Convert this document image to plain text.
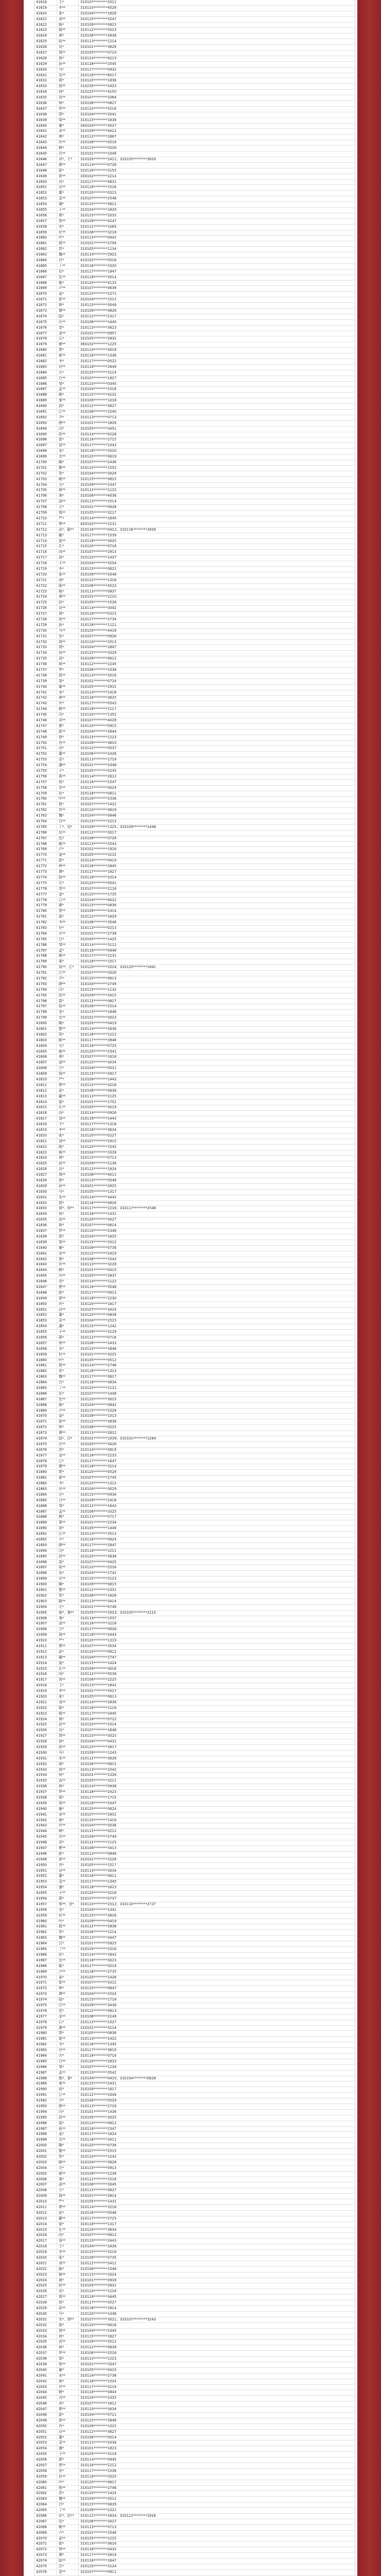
41618	王*	310107********2011
41619	李**	310110********4528
41620	张*	310104********1626
41621	刘**	310115********3247
41622	陈*	310109********0815
41623	杨**	310112********5023
41624	黄*	310106********2638
41625	赵**	310113********1214
41626	吴*	310101********3826
41627	周**	310105********071X
41628	徐*	310114********4213
41629	孙**	310116********2545
41630	马*	310117********0932
41631	朱**	310118********6017
41632	胡*	310120********1836
41633	郭**	310230********2423
41634	何*	310225********4150
41635	高**	310107********3364
41636	林*	320106********0827
41637	罗**	310110********5216
41638	郑*	310104********2041
41639	梁**	310115********1638
41640	谢*	340104********3027
41641	宋**	310109********4412
41642	唐*	310112********2867
41643	许**	310106********0518
41644	韩*	310113********3326
41645	冯**	310101********1049
41646	邓*、王*	310105********2411；310105********262X
41647	曹**	310114********0726
41648	彭*	310116********3155
41649	曾**	330102********2214
41650	肖*	310117********4831
41651	田**	310118********1526
41652	董*	310120********0313
41653	袁**	310107********2548
41654	潘*	310110********3612
41655	于**	310104********1829
41656	蒋*	310115********2033
41657	蔡**	310109********4247
41658	余*	310112********1065
41659	杜**	310106********3218
41660	叶*	310113********0442
41661	程**	310101********2756
41662	苏*	310105********1134
41663	魏**	310114********2923
41664	吕*	410102********0516
41665	丁**	310116********3320
41666	任*	310117********1847
41667	沈**	310118********2014
41668	姚*	310120********4125
41669	卢**	310107********0638
41670	姜*	310110********2271
41671	崔**	310104********1512
41672	钟*	310115********3049
41673	谭**	310109********0826
41674	陆*	310112********2317
41675	汪**	310106********1440
41676	范*	310113********3623
41677	金**	310101********0957
41678	石*	310105********2832
41679	廖**	360102********1225
41680	贾*	310114********4018
41681	夏**	310116********1336
41682	韦*	310117********0522
41683	付**	310118********2649
41684	方*	310120********3114
41685	白**	310107********1827
41686	邹*	310110********0345
41687	孟**	310104********2516
41688	熊*	310115********4232
41689	秦**	310109********1018
41690	邱*	310112********3627
41691	江**	310106********2240
41692	尹*	310113********0713
41693	薛**	310101********1826
41694	闫*	310105********3451
41695	段**	310114********0228
41696	雷*	310116********2715
41697	侯**	310117********1043
41698	龙*	310118********3320
41699	史**	310120********0619
41700	陶*	310107********2436
41701	黎**	310110********1552
41702	贺*	310104********3028
41703	顾**	310115********0815
41704	毛*	310109********2347
41705	郝**	310112********1123
41706	龚*	310106********4036
41707	邵**	310113********2514
41708	万*	310101********0928
41709	钱**	310105********3217
41710	严*	310114********1645
41711	覃**	450102********2231
41712	武*、陈**	310116********0412；310116********2826
41713	戴*	310117********1539
41714	莫**	310118********3025
41715	孔*	310120********0716
41716	向**	310107********2813
41717	汤*	310110********1437
41718	王**	310104********3254
41719	李*	310115********0621
41720	张**	310109********2048
41721	刘*	310112********1316
41722	陈**	310106********4523
41723	杨*	310113********0837
41724	黄**	310101********2210
41725	赵*	310105********1528
41726	吴**	310114********3042
41727	周*	310116********0315
41728	徐**	310117********2734
41729	孙*	310118********1121
41730	马**	310120********4418
41731	朱*	310107********0926
41732	胡**	310110********2513
41733	郭*	310104********1847
41734	何**	310115********3329
41735	高*	310109********0612
41736	林**	310112********2245
41737	罗*	310106********1038
41738	郑**	310113********3516
41739	梁*	310101********0724
41740	谢**	310105********2931
41741	宋*	310114********1418
41742	唐**	310116********3625
41743	许*	310117********0543
41744	韩**	310118********2117
41745	冯*	310120********1352
41746	邓**	310107********4028
41747	曹*	310110********0915
41748	彭**	310104********2644
41749	曾*	310115********1223
41750	肖**	310109********3810
41751	田*	310112********0537
41752	董**	310106********2426
41753	袁*	310113********1719
41754	潘**	310101********3348
41755	于*	310105********0235
41756	蒋**	310114********2612
41757	蔡*	310116********1547
41758	余**	310117********3024
41759	杜*	310118********0811
41760	叶**	310120********2336
41761	程*	310107********1422
41762	苏**	310110********3819
41763	魏*	310104********0646
41764	吕**	310115********2213
41765	丁*、沈*	310109********1325；310109********1448
41766	任**	310112********3017
41767	沈*	310106********0728
41768	姚**	310113********2543
41769	卢*	310101********1916
41770	姜**	310105********3232
41771	崔*	310114********0419
41772	钟**	310116********2845
41773	谭*	310117********1627
41774	陆**	310118********3314
41775	汪*	310120********0541
41776	范**	310107********2118
41777	金*	310110********1735
41778	石**	310104********4022
41779	廖*	310115********0836
41780	贾**	310109********2414
41781	夏*	310112********1629
41782	韦**	310106********3546
41783	付*	310113********0213
41784	方**	310101********2738
41785	白*	310105********1425
41786	邹**	310114********3112
41787	孟*	310116********0948
41788	熊**	310117********2231
41789	秦*	310118********1517
41790	邱**、江*	310120********2024；310120********1841
41791	江**	310107********3326
41792	尹*	310110********0613
41793	薛**	310104********2749
41794	闫*	310115********1132
41795	段**	310109********3415
41796	雷*	310112********0827
41797	侯**	310106********2514
41798	龙*	310113********1846
41799	史**	310101********3023
41800	陶*	310105********0419
41801	黎**	310114********2636
41802	贺*	310116********1212
41803	顾**	310117********3948
41804	毛*	310118********0725
41805	郝**	310120********2341
41806	龚*	310107********1618
41807	邵**	310110********3034
41808	万*	310104********0521
41809	钱**	310115********2817
41810	严*	310109********1443
41811	覃**	310112********3216
41812	武*	310106********0638
41813	戴**	310113********2125
41814	莫*	310101********1752
41815	孔**	310105********3019
41816	向*	310114********0926
41817	汤**	310116********2443
41818	王*	310117********1318
41819	李**	310118********3634
41820	张*	310120********0227
41821	刘**	310107********2915
41822	陈*	310110********1542
41823	杨**	310104********3328
41824	黄*	310115********0713
41825	赵**	310109********2136
41826	吴*	310112********1824
41827	周**	310106********4011
41828	徐*	310113********0548
41829	孙**	310101********2625
41830	马*	310105********1317
41831	朱**	310114********3442
41832	胡*	310116********0829
41833	郭*、何**	310117********2216；310117********2548
41834	何*	310118********1431
41835	高**	310120********3027
41836	林*	310107********0614
41837	罗**	310110********2348
41838	郑*	310104********1625
41839	梁**	310115********3312
41840	谢*	310109********0736
41841	宋**	310112********2419
41842	唐*	310106********1543
41843	许**	310113********3228
41844	韩*	310101********0415
41845	冯**	310105********2837
41846	邓*	310114********1122
41847	曹**	310116********3546
41848	彭*	310117********0913
41849	曾**	310118********2230
41850	肖*	310120********1617
41851	田**	310107********3424
41852	董*	310110********0838
41853	袁**	310104********2515
41854	潘*	310115********1242
41855	于**	310109********3129
41856	蒋*	310112********0716
41857	蔡**	310106********2433
41858	余*	310113********1848
41859	杜**	310101********3225
41860	叶*	310105********0512
41861	程**	310114********2746
41862	苏*	310116********1323
41863	魏**	310117********3617
41864	吕*	310118********0834
41865	丁**	310120********2121
41866	任*	310107********1448
41867	沈**	310110********3015
41868	姚*	310104********0642
41869	卢**	310115********2328
41870	姜*	310109********1513
41871	崔**	310112********3836
41872	钟*	310106********0225
41873	谭**	310113********2612
41874	陆*、汪*	310101********1039；310101********1264
41875	汪**	310105********3426
41876	范*	310114********0819
41877	金**	310116********2233
41878	石*	310117********1647
41879	廖**	310118********3214
41880	贾*	310120********0528
41881	夏**	310107********2745
41882	韦*	310110********1312
41883	付**	310104********3029
41884	方*	310115********0936
41885	白**	310109********2418
41886	邹*	310112********1643
41887	孟**	310106********3325
41888	熊*	310113********0717
41889	秦**	310101********2234
41890	邱*	310105********1446
41891	江**	310114********3513
41892	尹*	310116********0624
41893	薛**	310117********2847
41894	闫*	310118********1211
41895	段**	310120********3638
41896	雷*	310107********0425
41897	侯**	310110********2516
41898	龙*	310104********1742
41899	史**	310115********3123
41900	陶*	310109********0815
41901	黎**	310112********2331
41902	贺*	310106********1628
41903	顾**	310113********3414
41904	毛*	310101********0746
41905	郝*、龚**	310105********2023；310105********2215
41906	龚*	310114********1537
41907	邵**	310116********3218
41908	万*	310117********0626
41909	钱**	310118********2443
41910	严*	310120********1319
41911	覃**	310107********3534
41912	武*	310110********0912
41913	戴**	310104********2747
41914	莫*	310115********1424
41915	孔**	310109********3016
41916	向*	310112********0538
41917	汤**	310106********2225
41918	王*	310113********1842
41919	李**	310101********3327
41920	张*	310105********0613
41921	刘**	310114********2836
41922	陈*	310116********1118
41923	杨**	310117********3445
41924	黄*	310118********0722
41925	赵**	310120********2314
41926	吴*	310107********1648
41927	周**	310110********3025
41928	徐*	310104********0431
41929	孙**	310115********2617
41930	马*	310109********1243
41931	朱**	310112********3628
41932	胡*	310106********0815
41933	郭**	310113********2542
41934	何*	310101********1326
41935	高**	310105********3211
41936	林*	310114********0938
41937	罗**	310116********2423
41938	郑*	310117********1715
41939	梁**	310118********3347
41940	谢*	310120********0624
41941	宋**	310107********2831
41942	唐*	310110********1418
41943	许**	310104********3536
41944	韩*	310115********0212
41945	冯**	310109********2749
41946	邓*	310112********1125
41947	曹**	310106********3413
41948	彭*	310113********0846
41949	曾**	310101********2228
41950	肖*	310105********1517
41951	田**	310114********3034
41952	董*	310116********0611
41953	袁**	310117********2345
41954	潘*	310118********1623
41955	于**	310120********3218
41956	蒋*	310107********0737
41957	蔡**、余*	310110********2512；310110********2727
41958	余*	310104********1341
41959	杜**	310115********3626
41960	叶*	310109********0419
41961	程**	310112********2838
41962	苏*	310106********1214
41963	魏**	310113********3447
41964	吕*	310101********0925
41965	丁**	310105********2316
41966	任*	310114********1642
41967	沈**	310116********3023
41968	姚*	310117********0518
41969	卢**	310118********2735
41970	姜*	310120********1426
41971	崔**	310107********3312
41972	钟*	310110********0847
41973	谭**	310104********2524
41974	陆*	310115********1718
41975	汪**	310109********3436
41976	范*	310112********0613
41977	金**	310106********2249
41978	石*	310113********1527
41979	廖**	310101********3114
41980	贾*	310105********0836
41981	夏**	310114********2422
41982	韦*	310116********1345
41983	付**	310117********3619
41984	方*	310118********0716
41985	白**	310120********2833
41986	邹*	310107********1228
41987	孟**	310110********3542
41988	熊*、秦*	310104********0415；310104********0628
41989	秦**	310115********2431
41990	邱*	310109********1617
41991	江**	310112********3344
41992	尹*	310106********0529
41993	薛**	310113********2716
41994	闫*	310101********1438
41995	段**	310105********3025
41996	雷*	310114********0812
41997	侯**	310116********2347
41998	龙*	310117********1624
41999	史**	310118********3411
42000	陶*	310120********0738
42001	黎**	310107********2515
42002	贺*	310110********1242
42003	顾**	310104********3628
42004	毛*	310115********0913
42005	郝**	310109********2236
42006	龚*	310112********1518
42007	邵**	310106********3345
42008	万*	310113********0627
42009	钱**	310101********2814
42010	严*	310105********1431
42011	覃**	310114********3216
42012	武*	310116********0548
42013	戴**	310117********2725
42014	莫*	310118********1317
42015	孔**	310120********3634
42016	向*	310107********0812
42017	汤**	310110********2443
42018	王*	310104********1626
42019	李**	310115********3218
42020	张*	310109********0735
42021	刘**	310112********2412
42022	陈*	310106********1548
42023	杨**	310113********3324
42024	黄*	310101********0916
42025	赵**	310105********2631
42026	吴*	310114********1218
42027	周**	310116********3445
42028	徐*	310117********0527
42029	孙**	310118********2814
42030	马*	310120********1436
42031	朱*、胡**	310107********3021；310107********3243
42032	胡*	310110********0618
42033	郭**	310104********2345
42034	何*	310115********1627
42035	高**	310109********3512
42036	林*	310112********0839
42037	罗**	310106********2516
42038	郑*	310113********1223
42039	梁**	310101********3347
42040	谢*	310105********0415
42041	宋**	310114********2738
42042	唐*	310116********1524
42043	许**	310117********3216
42044	韩*	310118********0843
42045	冯**	310120********2325
42046	邓*	310107********1612
42047	曹**	310110********3434
42048	彭*	310104********0721
42049	曾**	310115********2848
42050	肖*	310109********1315
42051	田**	310112********3627
42052	董*	310106********0514
42053	袁**	310113********2436
42054	潘*	310101********1823
42055	于**	310105********3118
42056	蒋*	310114********0945
42057	蔡**	310116********2212
42058	余*	310117********1538
42059	杜**	310118********3325
42060	叶*	310120********0617
42061	程**	310107********2746
42062	苏*	310110********1424
42063	魏**	310104********3512
42064	吕*	310115********0839
42065	丁**	310109********2321
42066	任*、沈**	310112********1634；310112********1816
42067	沈*	310106********3427
42068	姚**	310113********0713
42069	卢*	310101********2548
42070	姜**	310105********1225
42071	崔*	310114********3616
42072	钟**	310116********0432
42073	谭*	310117********2819
42074	陆**	310118********1647
42075	汪*	310120********3124
42076	范**	310107********0911
